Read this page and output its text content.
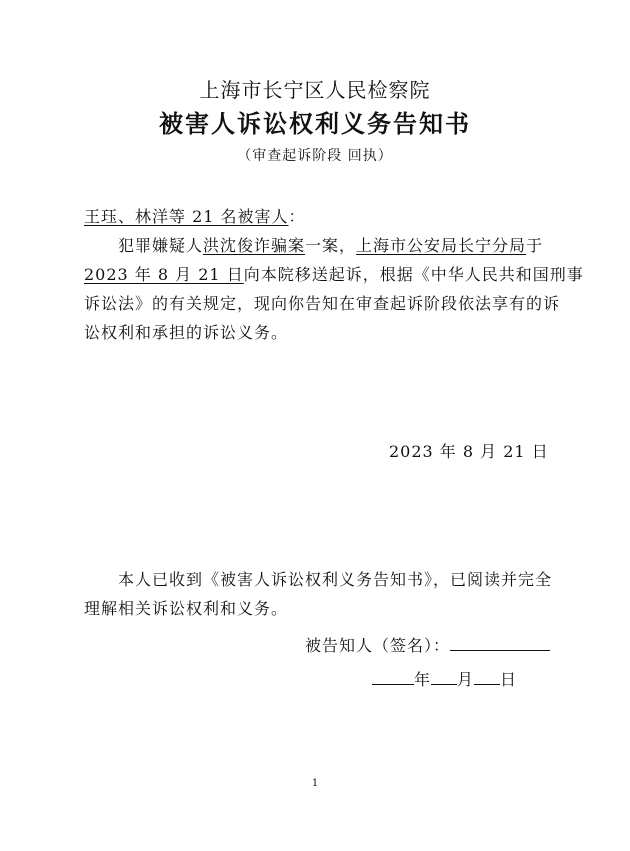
上海市长宁区人民检察院
被害人诉讼权利义务告知书
（审查起诉阶段 回执）
王珏、林洋等 21 名被害人：
犯罪嫌疑人洪沈俊诈骗案一案，上海市公安局长宁分局于
2023 年 8 月 21 日向本院移送起诉，根据《中华人民共和国刑事
诉讼法》的有关规定，现向你告知在审查起诉阶段依法享有的诉
讼权利和承担的诉讼义务。
2023 年 8 月 21 日
本人已收到《被害人诉讼权利义务告知书》，已阅读并完全
理解相关诉讼权利和义务。
被告知人（签名）：
年 月 日
1
